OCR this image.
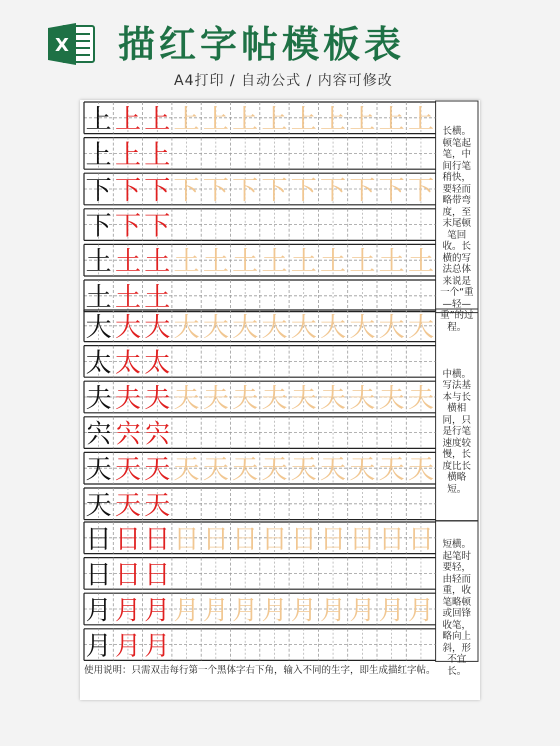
X 描红字帖模板表
A4打印 / 自动公式 / 内容可修改
上 上 上 上 上 上 上 上 上 上 上 上
上 上 上
下 下 下 下 下 下 下 下 下 下 下 下
下 下 下
土 土 土 土 土 土 土 土 土 土 土 土
土 土 土
大 大 大 大 大 大 大 大 大 大 大 大
太 太 太
夫 夫 夫 夫 夫 夫 夫 夫 夫 夫 夫 夫
宍 宍 宍
天 天 天 天 天 天 天 天 天 天 天 天
天 天 天
日 日 日 日 日 日 日 日 日 日 日 日
日 日 日
月 月 月 月 月 月 月 月 月 月 月 月
月 月 月
长横。顿笔起笔，中间行笔稍快，要轻而略带弯度，至末尾顿笔回收。长横的写法总体来说是一个“重—轻—重”的过程。
中横。写法基本与长横相同，只是行笔速度较慢，长度比长横略短。
短横。起笔时要轻，由轻而重，收笔略顿或回锋收笔，略向上斜，形不宜长。
使用说明：只需双击每行第一个黑体字右下角，输入不同的生字，即生成描红字帖。
